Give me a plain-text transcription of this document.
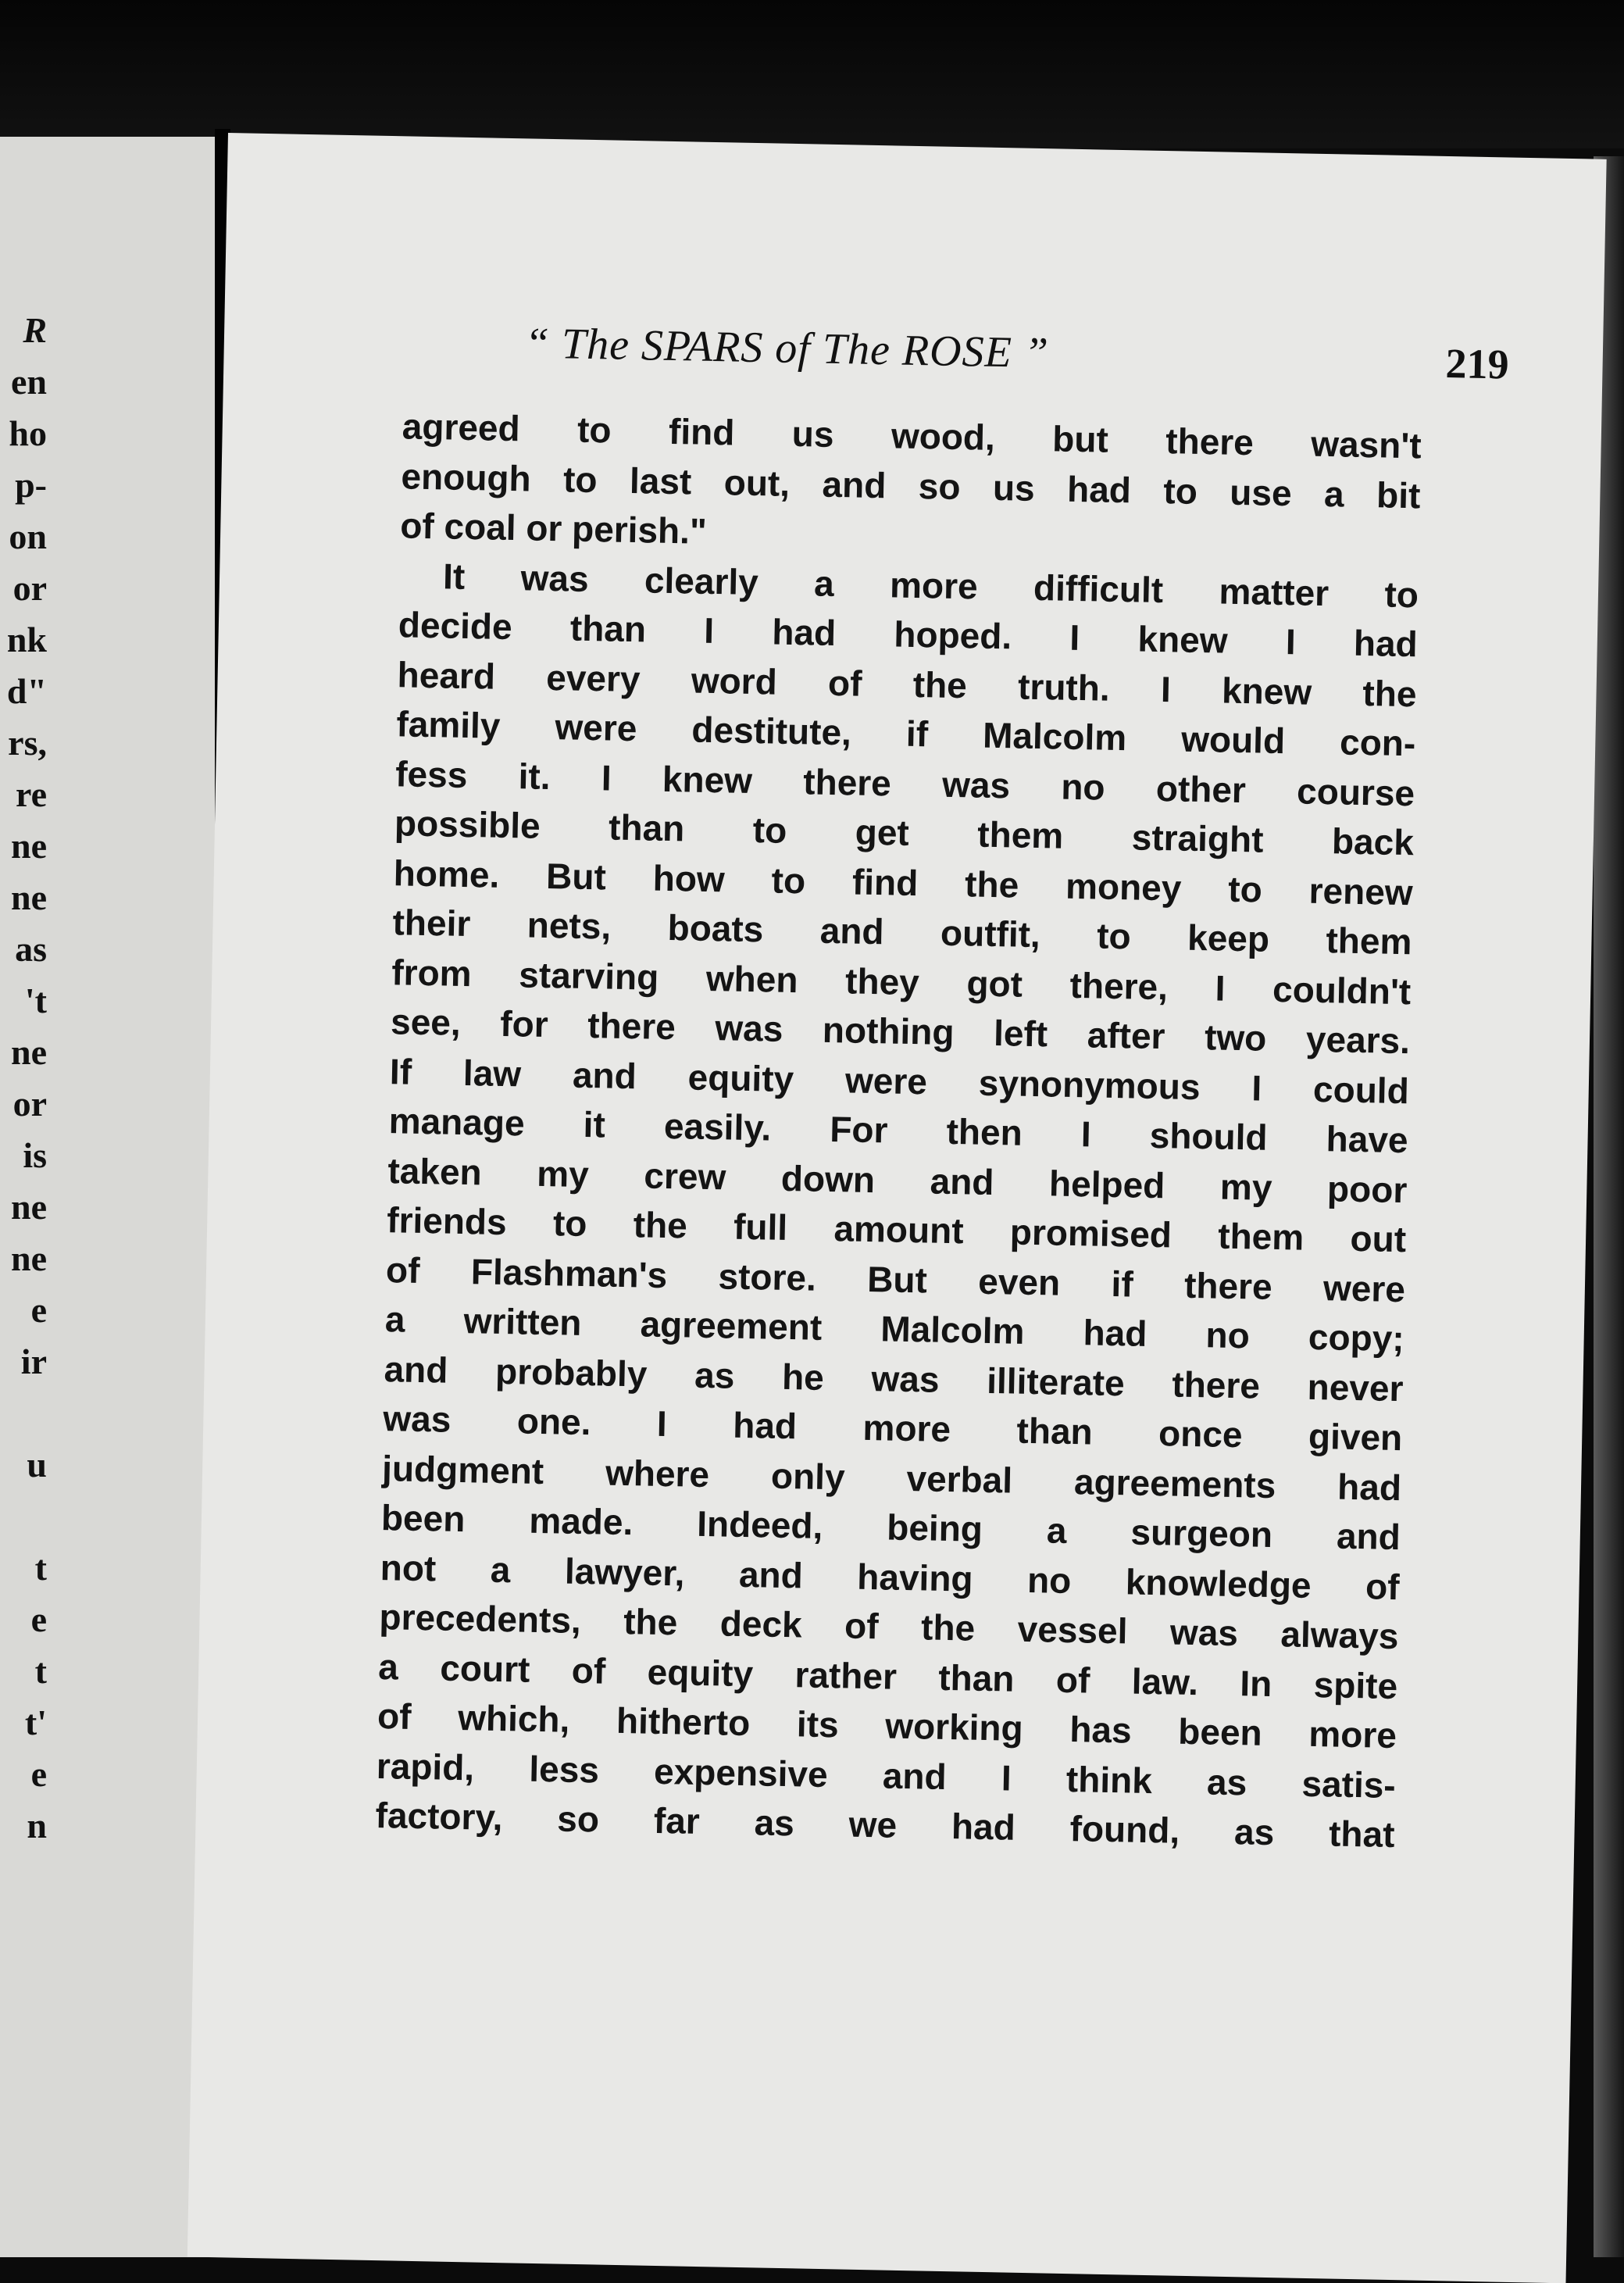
R
en
ho
p-
on
or
nk
d"
rs,
re
ne
ne
as
't
ne
or
is
ne
ne
e
ir
u
t
e
t
t'
e
n
“ The SPARS of The ROSE ”	219
agreed to find us wood, but there wasn't
enough to last out, and so us had to use a bit
of coal or perish."
It was clearly a more difficult matter to
decide than I had hoped. I knew I had
heard every word of the truth. I knew the
family were destitute, if Malcolm would con-
fess it. I knew there was no other course
possible than to get them straight back
home. But how to find the money to renew
their nets, boats and outfit, to keep them
from starving when they got there, I couldn't
see, for there was nothing left after two years.
If law and equity were synonymous I could
manage it easily. For then I should have
taken my crew down and helped my poor
friends to the full amount promised them out
of Flashman's store. But even if there were
a written agreement Malcolm had no copy;
and probably as he was illiterate there never
was one. I had more than once given
judgment where only verbal agreements had
been made. Indeed, being a surgeon and
not a lawyer, and having no knowledge of
precedents, the deck of the vessel was always
a court of equity rather than of law. In spite
of which, hitherto its working has been more
rapid, less expensive and I think as satis-
factory, so far as we had found, as that
